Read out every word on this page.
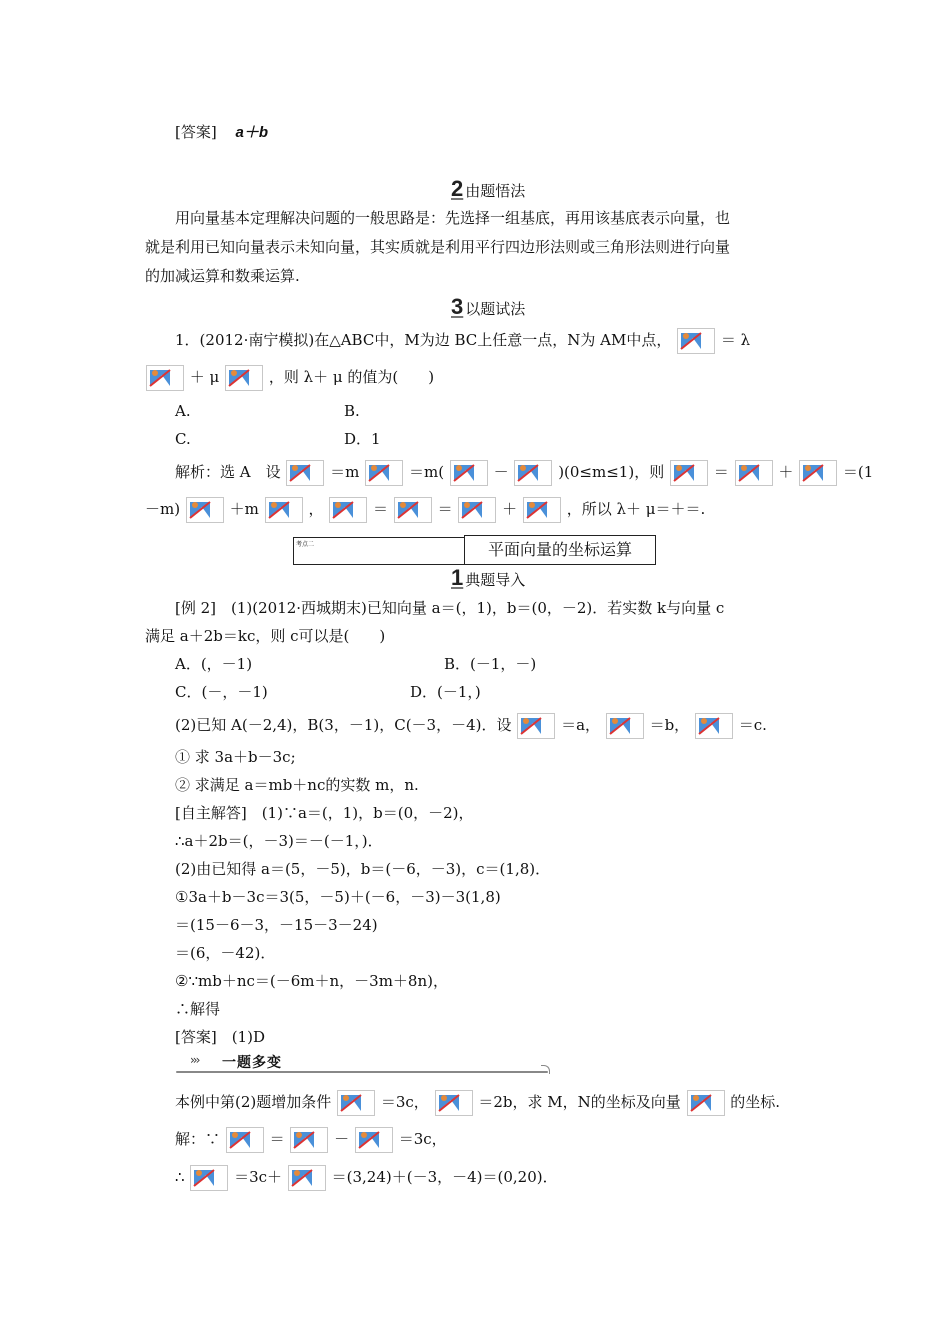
[答案] a＋b
2 由题悟法
用向量基本定理解决问题的一般思路是：先选择一组基底，再用该基底表示向量，也
就是利用已知向量表示未知向量，其实质就是利用平行四边形法则或三角形法则进行向量
的加减运算和数乘运算.
3 以题试法
1．(2012·南宁模拟)在△ABC中，M为边 BC上任意一点，N为 AM中点，	＝ λ
＋ μ	，则 λ＋ μ 的值为(　　)
A.	B.
C.	D．1
解析：选 A　设	＝m	＝m(	－	)(0≤m≤1)，则	＝	＋	＝(1
－m)	＋m	，	＝	＝	＋	，所以 λ＋ μ＝＋＝.
考点二	平面向量的坐标运算
1 典题导入
[例 2]　(1)(2012·西城期末)已知向量 a＝(，1)，b＝(0，－2)．若实数 k与向量 c
满足 a＋2b＝kc，则 c可以是(　　)
A．(，－1)	B．(－1，－)
C．(－，－1)	D．(－1，)
(2)已知 A(－2,4)，B(3，－1)，C(－3，－4)．设	＝a，	＝b，	＝c.
① 求 3a＋b－3c;
② 求满足 a＝mb＋nc的实数 m，n.
[自主解答]　(1)∵a＝(，1)，b＝(0，－2)，
∴a＋2b＝(，－3)＝－(－1，)．
(2)由已知得 a＝(5，－5)，b＝(－6，－3)，c＝(1,8)．
①3a＋b－3c＝3(5，－5)＋(－6，－3)－3(1,8)
＝(15－6－3，－15－3－24)
＝(6，－42)．
②∵mb＋nc＝(－6m＋n，－3m＋8n)，
∴解得
[答案]　(1)D
››› 一题多变
本例中第(2)题增加条件	＝3c，	＝2b，求 M，N的坐标及向量	的坐标.
解：∵	＝	－	＝3c，
∴	＝3c＋	＝(3,24)＋(－3，－4)＝(0,20)．
